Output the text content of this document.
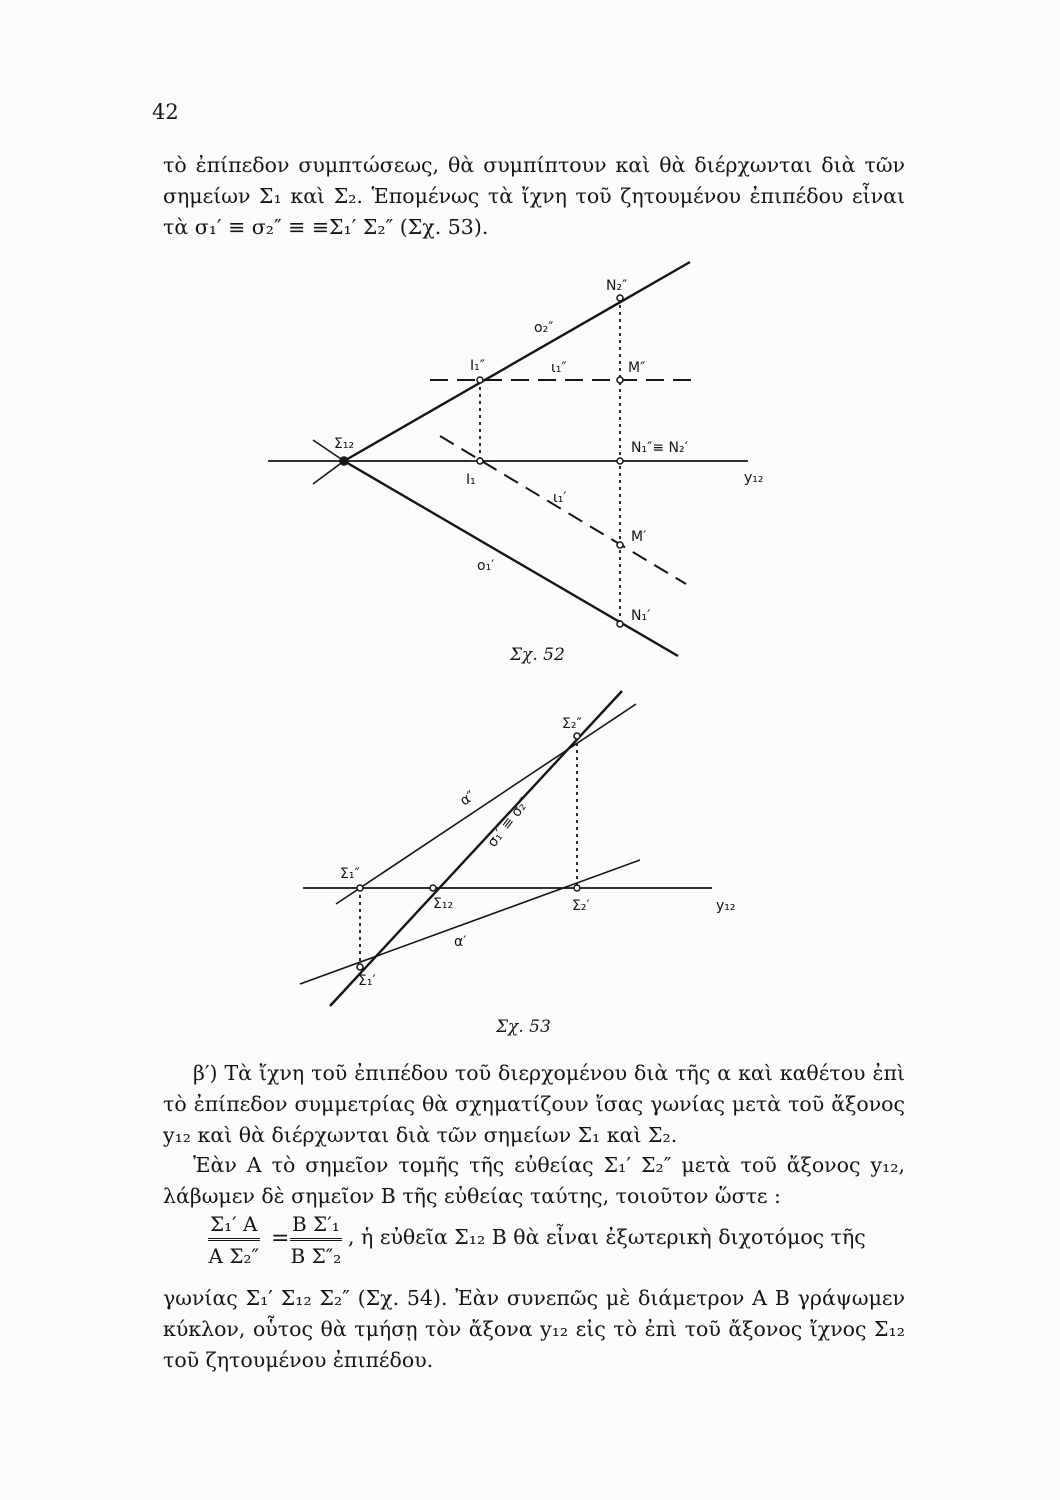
42

τὸ ἐπίπεδον συμπτώσεως, θὰ συμπίπτουν καὶ θὰ διέρχωνται διὰ τῶν σημείων Σ₁ καὶ Σ₂. Ἑπομένως τὰ ἴχνη τοῦ ζητουμένου ἐπιπέδου εἶναι τὰ σ₁′ ≡ σ₂″ ≡ ≡Σ₁′ Σ₂″ (Σχ. 53).

N₂″
o₂″
I₁″	ι₁″	M″
Σ₁₂	N₁″≡ N₂′
I₁	y₁₂
ι₁′
M′
o₁′
N₁′
Σχ. 52
Σ₂″
α″ σ₁′ ≡ σ₂″
Σ₁″
Σ₁₂	Σ₂′	y₁₂
α′
Σ₁′
Σχ. 53

β′) Τὰ ἴχνη τοῦ ἐπιπέδου τοῦ διερχομένου διὰ τῆς α καὶ καθέτου ἐπὶ τὸ ἐπίπεδον συμμετρίας θὰ σχηματίζουν ἴσας γωνίας μετὰ τοῦ ἄξονος y₁₂ καὶ θὰ διέρχωνται διὰ τῶν σημείων Σ₁ καὶ Σ₂.

Ἐὰν A τὸ σημεῖον τομῆς τῆς εὐθείας Σ₁′ Σ₂″ μετὰ τοῦ ἄξονος y₁₂, λάβωμεν δὲ σημεῖον B τῆς εὐθείας ταύτης, τοιοῦτον ὥστε :

$\frac{\text{Σ₁′ A}}{\text{A Σ₂″}} = \frac{\text{B Σ′₁}}{\text{B Σ″₂}}$ , ἡ εὐθεῖα Σ₁₂ B θὰ εἶναι ἐξωτερικὴ διχοτόμος τῆς

γωνίας Σ₁′ Σ₁₂ Σ₂″ (Σχ. 54). Ἐὰν συνεπῶς μὲ διάμετρον A B γράψωμεν κύκλον, οὗτος θὰ τμήσῃ τὸν ἄξονα y₁₂ εἰς τὸ ἐπὶ τοῦ ἄξονος ἴχνος Σ₁₂ τοῦ ζητουμένου ἐπιπέδου.
